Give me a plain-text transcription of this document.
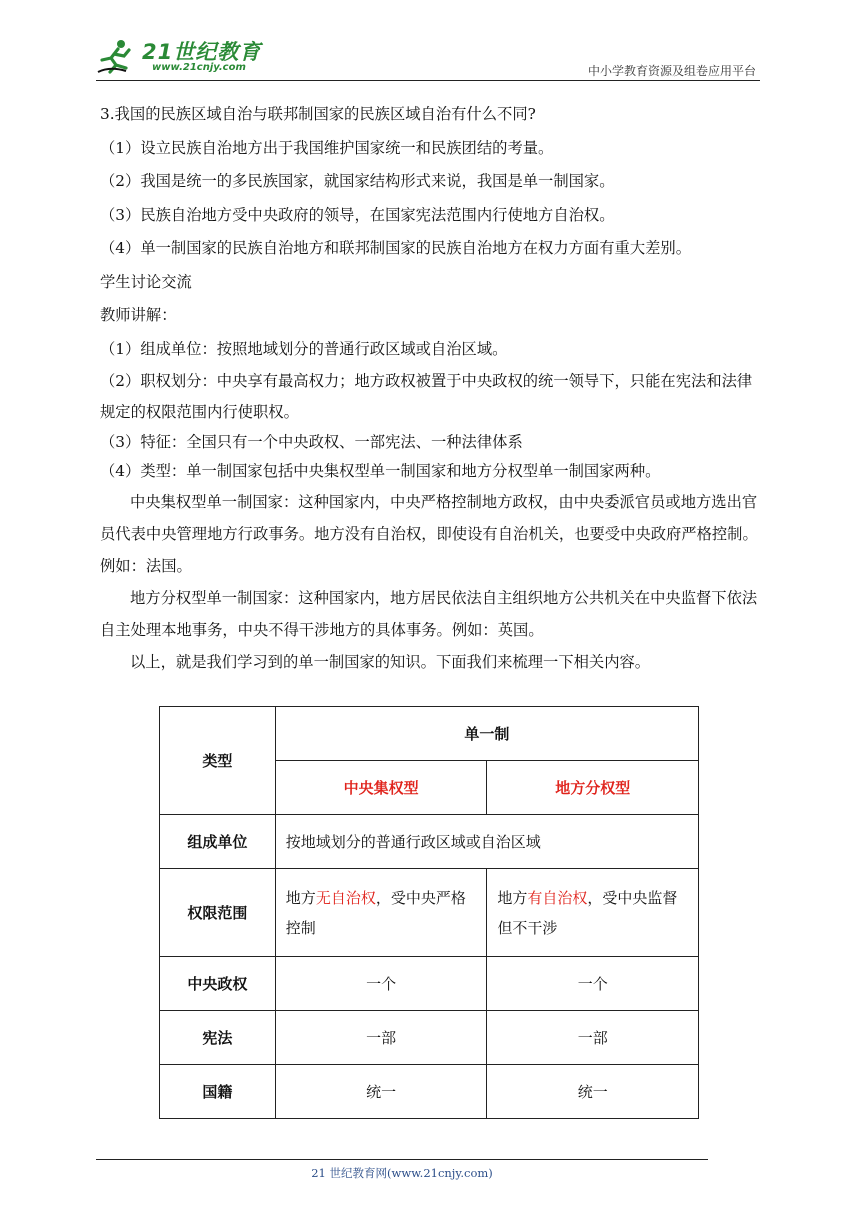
21世纪教育
www.21cnjy.com	中小学教育资源及组卷应用平台

3.我国的民族区域自治与联邦制国家的民族区域自治有什么不同?

（1）设立民族自治地方出于我国维护国家统一和民族团结的考量。

（2）我国是统一的多民族国家，就国家结构形式来说，我国是单一制国家。

（3）民族自治地方受中央政府的领导，在国家宪法范围内行使地方自治权。

（4）单一制国家的民族自治地方和联邦制国家的民族自治地方在权力方面有重大差别。

学生讨论交流

教师讲解：

（1）组成单位：按照地域划分的普通行政区域或自治区域。

（2）职权划分：中央享有最高权力；地方政权被置于中央政权的统一领导下，只能在宪法和法律规定的权限范围内行使职权。

（3）特征：全国只有一个中央政权、一部宪法、一种法律体系

（4）类型：单一制国家包括中央集权型单一制国家和地方分权型单一制国家两种。

中央集权型单一制国家：这种国家内，中央严格控制地方政权，由中央委派官员或地方选出官员代表中央管理地方行政事务。地方没有自治权，即使设有自治机关，也要受中央政府严格控制。例如：法国。

地方分权型单一制国家：这种国家内，地方居民依法自主组织地方公共机关在中央监督下依法自主处理本地事务，中央不得干涉地方的具体事务。例如：英国。

以上，就是我们学习到的单一制国家的知识。下面我们来梳理一下相关内容。

类型	单一制	
	中央集权型	地方分权型
组成单位	按地域划分的普通行政区域或自治区域	
权限范围	地方无自治权，受中央严格控制	地方有自治权，受中央监督但不干涉
中央政权	一个	一个
宪法	一部	一部
国籍	统一	统一
21 世纪教育网(www.21cnjy.com)
